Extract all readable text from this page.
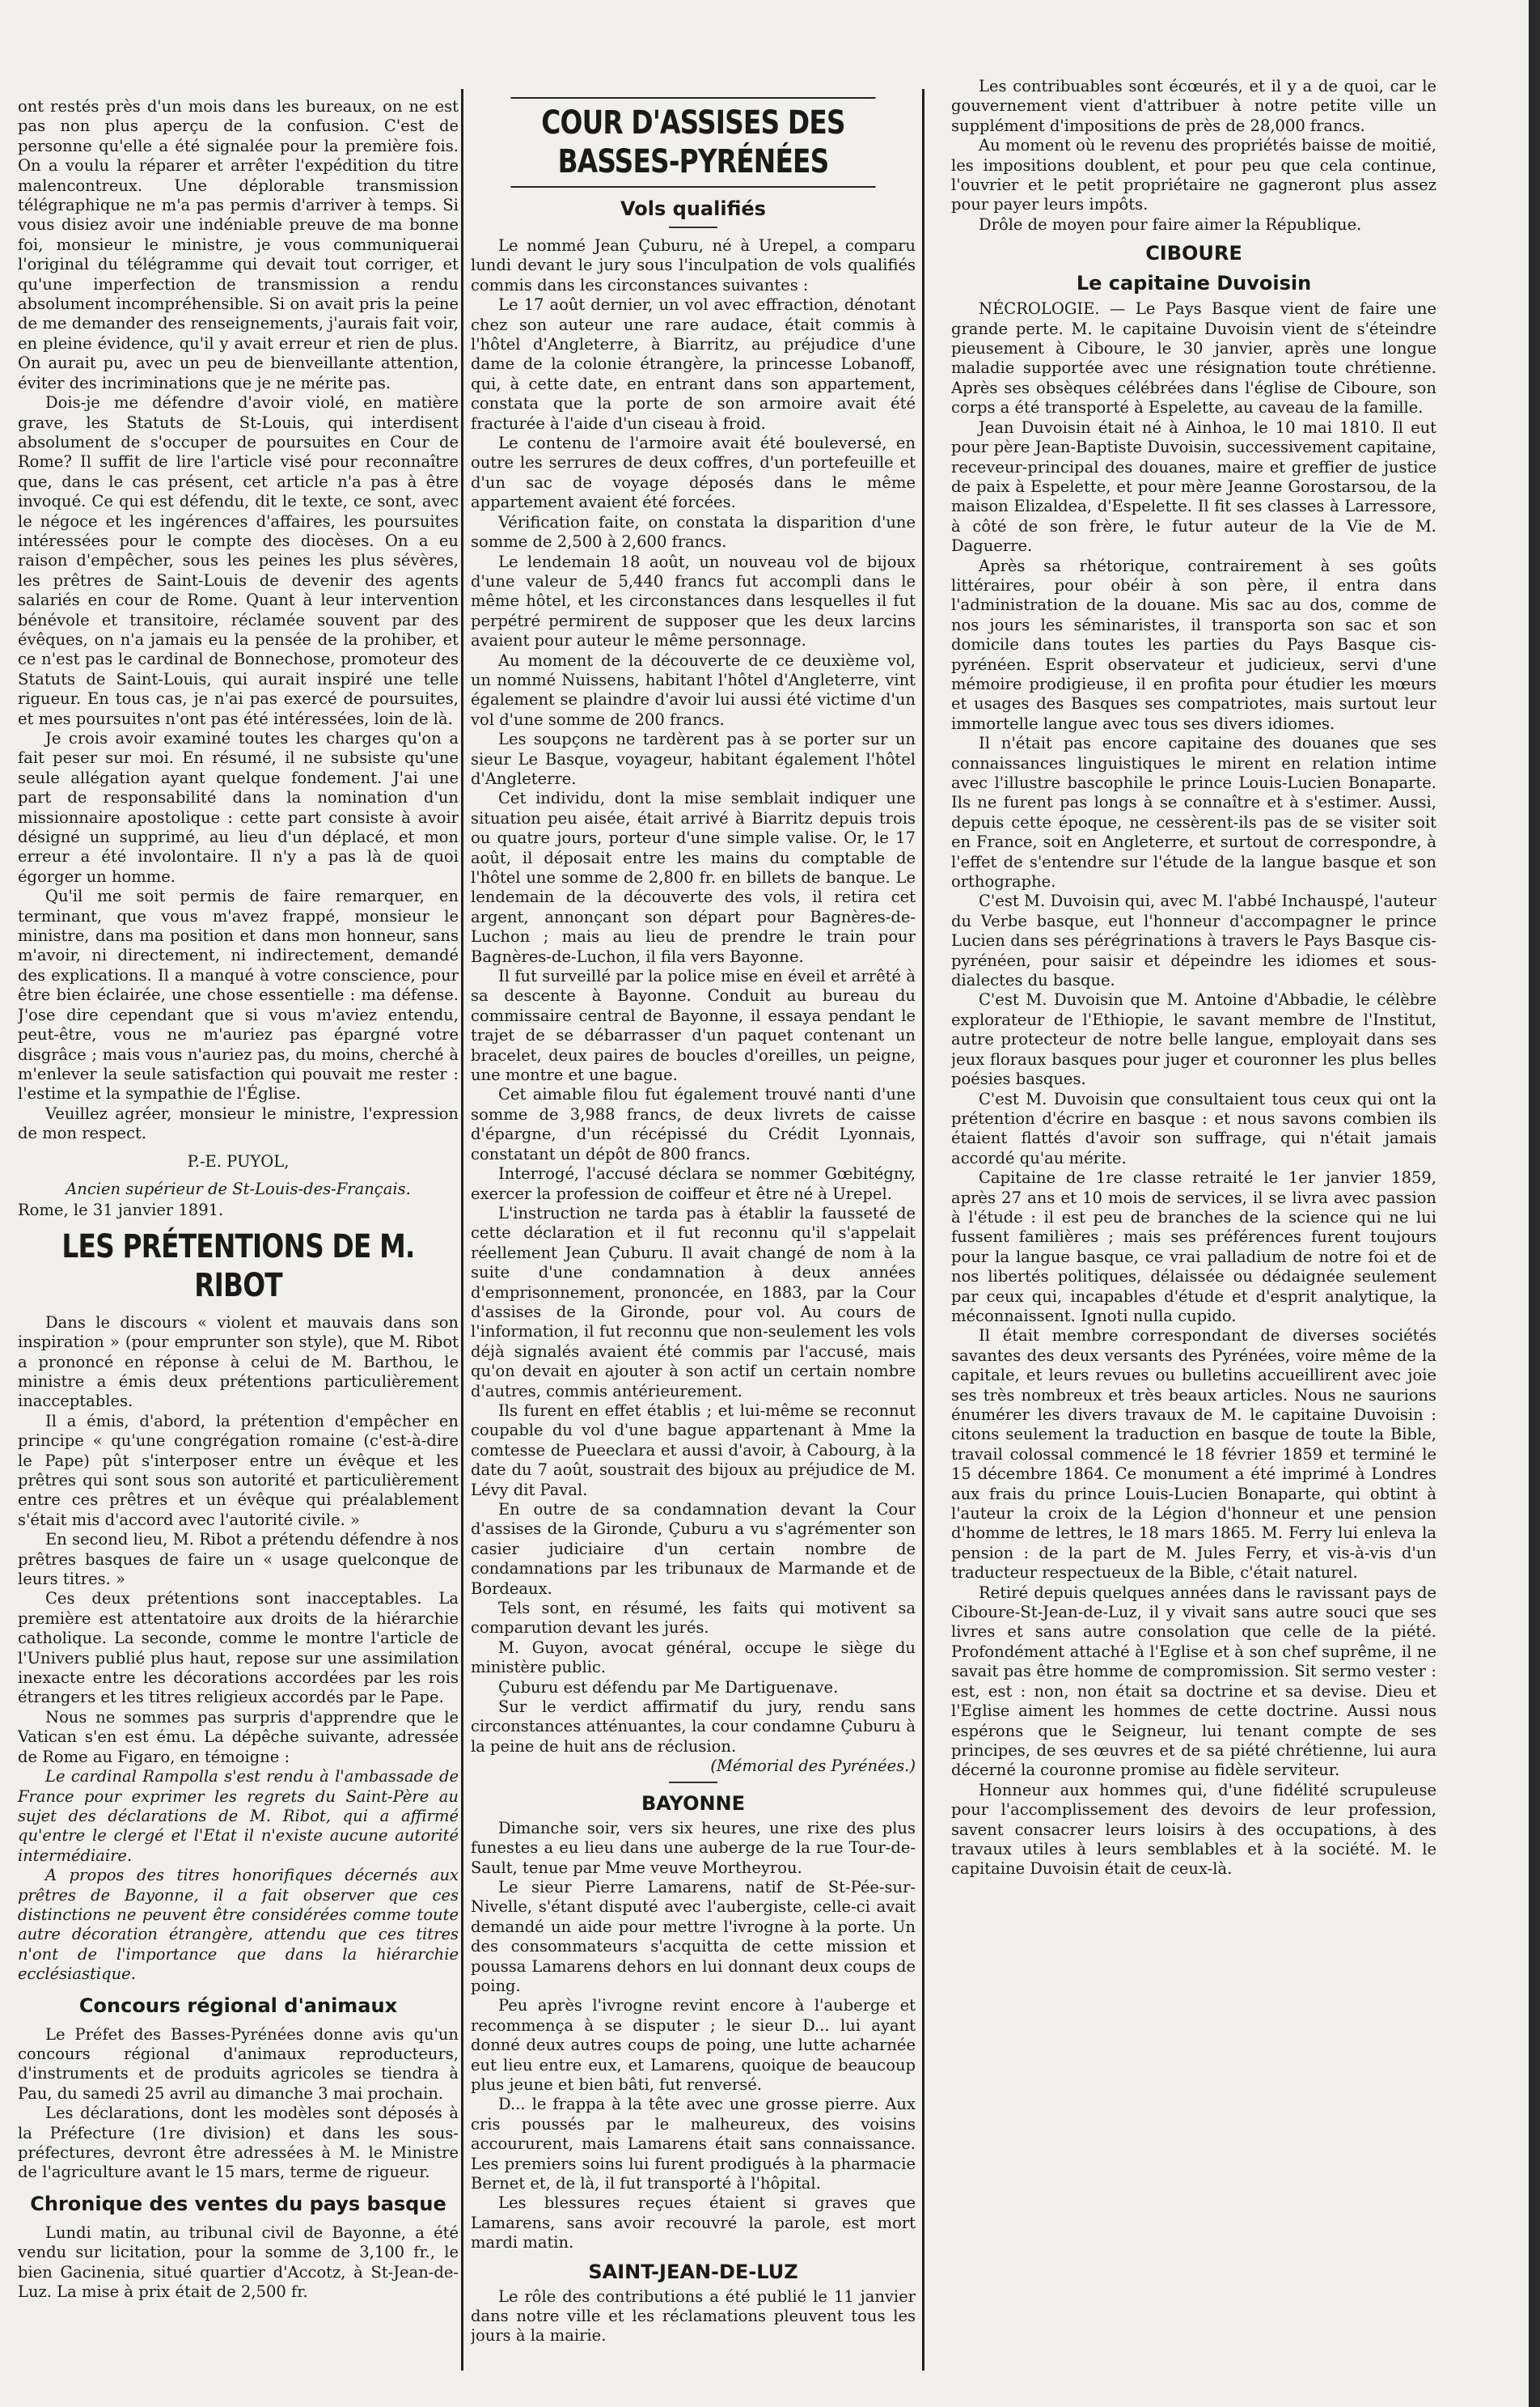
ont restés près d'un mois dans les bureaux, on ne est pas non plus aperçu de la confusion. C'est de personne qu'elle a été signalée pour la première fois. On a voulu la réparer et arrêter l'expédition du titre malencontreux. Une déplorable transmission télégraphique ne m'a pas permis d'arriver à temps. Si vous disiez avoir une indéniable preuve de ma bonne foi, monsieur le ministre, je vous communiquerai l'original du télégramme qui devait tout corriger, et qu'une imperfection de transmission a rendu absolument incompréhensible. Si on avait pris la peine de me demander des renseignements, j'aurais fait voir, en pleine évidence, qu'il y avait erreur et rien de plus. On aurait pu, avec un peu de bienveillante attention, éviter des incriminations que je ne mérite pas.

Dois-je me défendre d'avoir violé, en matière grave, les Statuts de St-Louis, qui interdisent absolument de s'occuper de poursuites en Cour de Rome? Il suffit de lire l'article visé pour reconnaître que, dans le cas présent, cet article n'a pas à être invoqué. Ce qui est défendu, dit le texte, ce sont, avec le négoce et les ingérences d'affaires, les poursuites intéressées pour le compte des diocèses. On a eu raison d'empêcher, sous les peines les plus sévères, les prêtres de Saint-Louis de devenir des agents salariés en cour de Rome. Quant à leur intervention bénévole et transitoire, réclamée souvent par des évêques, on n'a jamais eu la pensée de la prohiber, et ce n'est pas le cardinal de Bonnechose, promoteur des Statuts de Saint-Louis, qui aurait inspiré une telle rigueur. En tous cas, je n'ai pas exercé de poursuites, et mes poursuites n'ont pas été intéressées, loin de là.

Je crois avoir examiné toutes les charges qu'on a fait peser sur moi. En résumé, il ne subsiste qu'une seule allégation ayant quelque fondement. J'ai une part de responsabilité dans la nomination d'un missionnaire apostolique : cette part consiste à avoir désigné un supprimé, au lieu d'un déplacé, et mon erreur a été involontaire. Il n'y a pas là de quoi égorger un homme.

Qu'il me soit permis de faire remarquer, en terminant, que vous m'avez frappé, monsieur le ministre, dans ma position et dans mon honneur, sans m'avoir, ni directement, ni indirectement, demandé des explications. Il a manqué à votre conscience, pour être bien éclairée, une chose essentielle : ma défense. J'ose dire cependant que si vous m'aviez entendu, peut-être, vous ne m'auriez pas épargné votre disgrâce ; mais vous n'auriez pas, du moins, cherché à m'enlever la seule satisfaction qui pouvait me rester : l'estime et la sympathie de l'Église.

Veuillez agréer, monsieur le ministre, l'expression de mon respect.

P.-E. PUYOL,
Ancien supérieur de St-Louis-des-Français.

Rome, le 31 janvier 1891.

LES PRÉTENTIONS DE M. RIBOT

Dans le discours « violent et mauvais dans son inspiration » (pour emprunter son style), que M. Ribot a prononcé en réponse à celui de M. Barthou, le ministre a émis deux prétentions particulièrement inacceptables.

Il a émis, d'abord, la prétention d'empêcher en principe « qu'une congrégation romaine (c'est-à-dire le Pape) pût s'interposer entre un évêque et les prêtres qui sont sous son autorité et particulièrement entre ces prêtres et un évêque qui préalablement s'était mis d'accord avec l'autorité civile. »

En second lieu, M. Ribot a prétendu défendre à nos prêtres basques de faire un « usage quelconque de leurs titres. »

Ces deux prétentions sont inacceptables. La première est attentatoire aux droits de la hiérarchie catholique. La seconde, comme le montre l'article de l'Univers publié plus haut, repose sur une assimilation inexacte entre les décorations accordées par les rois étrangers et les titres religieux accordés par le Pape.

Nous ne sommes pas surpris d'apprendre que le Vatican s'en est ému. La dépêche suivante, adressée de Rome au Figaro, en témoigne :

Le cardinal Rampolla s'est rendu à l'ambassade de France pour exprimer les regrets du Saint-Père au sujet des déclarations de M. Ribot, qui a affirmé qu'entre le clergé et l'Etat il n'existe aucune autorité intermédiaire.

A propos des titres honorifiques décernés aux prêtres de Bayonne, il a fait observer que ces distinctions ne peuvent être considérées comme toute autre décoration étrangère, attendu que ces titres n'ont de l'importance que dans la hiérarchie ecclésiastique.

Concours régional d'animaux

Le Préfet des Basses-Pyrénées donne avis qu'un concours régional d'animaux reproducteurs, d'instruments et de produits agricoles se tiendra à Pau, du samedi 25 avril au dimanche 3 mai prochain.

Les déclarations, dont les modèles sont déposés à la Préfecture (1re division) et dans les sous-préfectures, devront être adressées à M. le Ministre de l'agriculture avant le 15 mars, terme de rigueur.

Chronique des ventes du pays basque

Lundi matin, au tribunal civil de Bayonne, a été vendu sur licitation, pour la somme de 3,100 fr., le bien Gacinenia, situé quartier d'Accotz, à St-Jean-de-Luz. La mise à prix était de 2,500 fr.

COUR D'ASSISES DES BASSES-PYRÉNÉES
Vols qualifiés

Le nommé Jean Çuburu, né à Urepel, a comparu lundi devant le jury sous l'inculpation de vols qualifiés commis dans les circonstances suivantes :

Le 17 août dernier, un vol avec effraction, dénotant chez son auteur une rare audace, était commis à l'hôtel d'Angleterre, à Biarritz, au préjudice d'une dame de la colonie étrangère, la princesse Lobanoff, qui, à cette date, en entrant dans son appartement, constata que la porte de son armoire avait été fracturée à l'aide d'un ciseau à froid.

Le contenu de l'armoire avait été bouleversé, en outre les serrures de deux coffres, d'un portefeuille et d'un sac de voyage déposés dans le même appartement avaient été forcées.

Vérification faite, on constata la disparition d'une somme de 2,500 à 2,600 francs.

Le lendemain 18 août, un nouveau vol de bijoux d'une valeur de 5,440 francs fut accompli dans le même hôtel, et les circonstances dans lesquelles il fut perpétré permirent de supposer que les deux larcins avaient pour auteur le même personnage.

Au moment de la découverte de ce deuxième vol, un nommé Nuissens, habitant l'hôtel d'Angleterre, vint également se plaindre d'avoir lui aussi été victime d'un vol d'une somme de 200 francs.

Les soupçons ne tardèrent pas à se porter sur un sieur Le Basque, voyageur, habitant également l'hôtel d'Angleterre.

Cet individu, dont la mise semblait indiquer une situation peu aisée, était arrivé à Biarritz depuis trois ou quatre jours, porteur d'une simple valise. Or, le 17 août, il déposait entre les mains du comptable de l'hôtel une somme de 2,800 fr. en billets de banque. Le lendemain de la découverte des vols, il retira cet argent, annonçant son départ pour Bagnères-de-Luchon ; mais au lieu de prendre le train pour Bagnères-de-Luchon, il fila vers Bayonne.

Il fut surveillé par la police mise en éveil et arrêté à sa descente à Bayonne. Conduit au bureau du commissaire central de Bayonne, il essaya pendant le trajet de se débarrasser d'un paquet contenant un bracelet, deux paires de boucles d'oreilles, un peigne, une montre et une bague.

Cet aimable filou fut également trouvé nanti d'une somme de 3,988 francs, de deux livrets de caisse d'épargne, d'un récépissé du Crédit Lyonnais, constatant un dépôt de 800 francs.

Interrogé, l'accusé déclara se nommer Gœbitégny, exercer la profession de coiffeur et être né à Urepel.

L'instruction ne tarda pas à établir la fausseté de cette déclaration et il fut reconnu qu'il s'appelait réellement Jean Çuburu. Il avait changé de nom à la suite d'une condamnation à deux années d'emprisonnement, prononcée, en 1883, par la Cour d'assises de la Gironde, pour vol. Au cours de l'information, il fut reconnu que non-seulement les vols déjà signalés avaient été commis par l'accusé, mais qu'on devait en ajouter à son actif un certain nombre d'autres, commis antérieurement.

Ils furent en effet établis ; et lui-même se reconnut coupable du vol d'une bague appartenant à Mme la comtesse de Pueeclara et aussi d'avoir, à Cabourg, à la date du 7 août, soustrait des bijoux au préjudice de M. Lévy dit Paval.

En outre de sa condamnation devant la Cour d'assises de la Gironde, Çuburu a vu s'agrémenter son casier judiciaire d'un certain nombre de condamnations par les tribunaux de Marmande et de Bordeaux.

Tels sont, en résumé, les faits qui motivent sa comparution devant les jurés.

M. Guyon, avocat général, occupe le siège du ministère public.

Çuburu est défendu par Me Dartiguenave.

Sur le verdict affirmatif du jury, rendu sans circonstances atténuantes, la cour condamne Çuburu à la peine de huit ans de réclusion.

(Mémorial des Pyrénées.)

BAYONNE

Dimanche soir, vers six heures, une rixe des plus funestes a eu lieu dans une auberge de la rue Tour-de-Sault, tenue par Mme veuve Mortheyrou.

Le sieur Pierre Lamarens, natif de St-Pée-sur-Nivelle, s'étant disputé avec l'aubergiste, celle-ci avait demandé un aide pour mettre l'ivrogne à la porte. Un des consommateurs s'acquitta de cette mission et poussa Lamarens dehors en lui donnant deux coups de poing.

Peu après l'ivrogne revint encore à l'auberge et recommença à se disputer ; le sieur D... lui ayant donné deux autres coups de poing, une lutte acharnée eut lieu entre eux, et Lamarens, quoique de beaucoup plus jeune et bien bâti, fut renversé.

D... le frappa à la tête avec une grosse pierre. Aux cris poussés par le malheureux, des voisins accoururent, mais Lamarens était sans connaissance. Les premiers soins lui furent prodigués à la pharmacie Bernet et, de là, il fut transporté à l'hôpital.

Les blessures reçues étaient si graves que Lamarens, sans avoir recouvré la parole, est mort mardi matin.

SAINT-JEAN-DE-LUZ

Le rôle des contributions a été publié le 11 janvier dans notre ville et les réclamations pleuvent tous les jours à la mairie.

Les contribuables sont écœurés, et il y a de quoi, car le gouvernement vient d'attribuer à notre petite ville un supplément d'impositions de près de 28,000 francs.

Au moment où le revenu des propriétés baisse de moitié, les impositions doublent, et pour peu que cela continue, l'ouvrier et le petit propriétaire ne gagneront plus assez pour payer leurs impôts.

Drôle de moyen pour faire aimer la République.

CIBOURE
Le capitaine Duvoisin

NÉCROLOGIE. — Le Pays Basque vient de faire une grande perte. M. le capitaine Duvoisin vient de s'éteindre pieusement à Ciboure, le 30 janvier, après une longue maladie supportée avec une résignation toute chrétienne. Après ses obsèques célébrées dans l'église de Ciboure, son corps a été transporté à Espelette, au caveau de la famille.

Jean Duvoisin était né à Ainhoa, le 10 mai 1810. Il eut pour père Jean-Baptiste Duvoisin, successivement capitaine, receveur-principal des douanes, maire et greffier de justice de paix à Espelette, et pour mère Jeanne Gorostarsou, de la maison Elizaldea, d'Espelette. Il fit ses classes à Larressore, à côté de son frère, le futur auteur de la Vie de M. Daguerre.

Après sa rhétorique, contrairement à ses goûts littéraires, pour obéir à son père, il entra dans l'administration de la douane. Mis sac au dos, comme de nos jours les séminaristes, il transporta son sac et son domicile dans toutes les parties du Pays Basque cis-pyrénéen. Esprit observateur et judicieux, servi d'une mémoire prodigieuse, il en profita pour étudier les mœurs et usages des Basques ses compatriotes, mais surtout leur immortelle langue avec tous ses divers idiomes.

Il n'était pas encore capitaine des douanes que ses connaissances linguistiques le mirent en relation intime avec l'illustre bascophile le prince Louis-Lucien Bonaparte. Ils ne furent pas longs à se connaître et à s'estimer. Aussi, depuis cette époque, ne cessèrent-ils pas de se visiter soit en France, soit en Angleterre, et surtout de correspondre, à l'effet de s'entendre sur l'étude de la langue basque et son orthographe.

C'est M. Duvoisin qui, avec M. l'abbé Inchauspé, l'auteur du Verbe basque, eut l'honneur d'accompagner le prince Lucien dans ses pérégrinations à travers le Pays Basque cis-pyrénéen, pour saisir et dépeindre les idiomes et sous-dialectes du basque.

C'est M. Duvoisin que M. Antoine d'Abbadie, le célèbre explorateur de l'Ethiopie, le savant membre de l'Institut, autre protecteur de notre belle langue, employait dans ses jeux floraux basques pour juger et couronner les plus belles poésies basques.

C'est M. Duvoisin que consultaient tous ceux qui ont la prétention d'écrire en basque : et nous savons combien ils étaient flattés d'avoir son suffrage, qui n'était jamais accordé qu'au mérite.

Capitaine de 1re classe retraité le 1er janvier 1859, après 27 ans et 10 mois de services, il se livra avec passion à l'étude : il est peu de branches de la science qui ne lui fussent familières ; mais ses préférences furent toujours pour la langue basque, ce vrai palladium de notre foi et de nos libertés politiques, délaissée ou dédaignée seulement par ceux qui, incapables d'étude et d'esprit analytique, la méconnaissent. Ignoti nulla cupido.

Il était membre correspondant de diverses sociétés savantes des deux versants des Pyrénées, voire même de la capitale, et leurs revues ou bulletins accueillirent avec joie ses très nombreux et très beaux articles. Nous ne saurions énumérer les divers travaux de M. le capitaine Duvoisin : citons seulement la traduction en basque de toute la Bible, travail colossal commencé le 18 février 1859 et terminé le 15 décembre 1864. Ce monument a été imprimé à Londres aux frais du prince Louis-Lucien Bonaparte, qui obtint à l'auteur la croix de la Légion d'honneur et une pension d'homme de lettres, le 18 mars 1865. M. Ferry lui enleva la pension : de la part de M. Jules Ferry, et vis-à-vis d'un traducteur respectueux de la Bible, c'était naturel.

Retiré depuis quelques années dans le ravissant pays de Ciboure-St-Jean-de-Luz, il y vivait sans autre souci que ses livres et sans autre consolation que celle de la piété. Profondément attaché à l'Eglise et à son chef suprême, il ne savait pas être homme de compromission. Sit sermo vester : est, est : non, non était sa doctrine et sa devise. Dieu et l'Eglise aiment les hommes de cette doctrine. Aussi nous espérons que le Seigneur, lui tenant compte de ses principes, de ses œuvres et de sa piété chrétienne, lui aura décerné la couronne promise au fidèle serviteur.

Honneur aux hommes qui, d'une fidélité scrupuleuse pour l'accomplissement des devoirs de leur profession, savent consacrer leurs loisirs à des occupations, à des travaux utiles à leurs semblables et à la société. M. le capitaine Duvoisin était de ceux-là.
